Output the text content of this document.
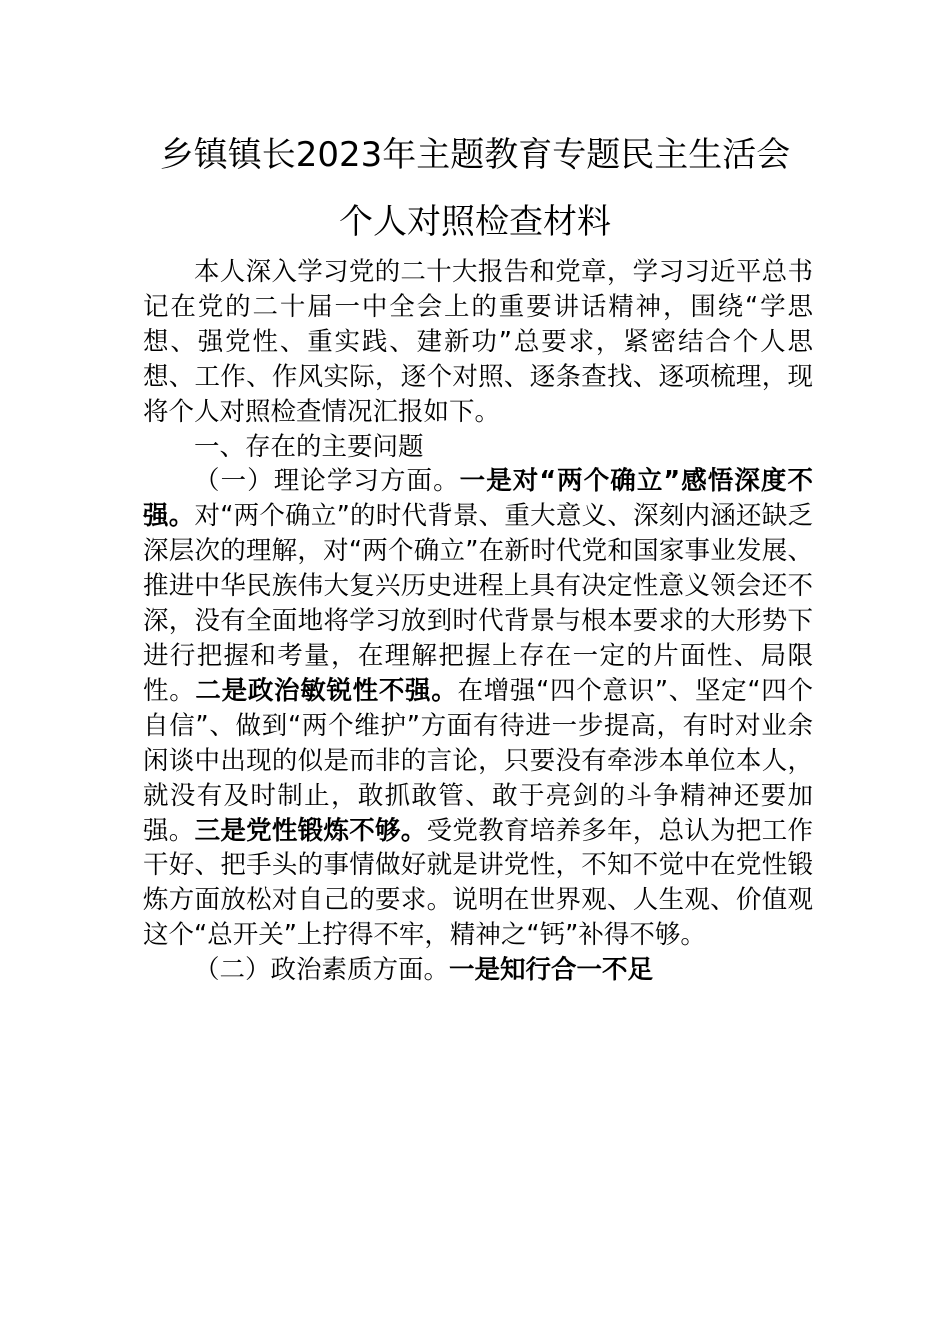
乡镇镇长2023年主题教育专题民主生活会
个人对照检查材料

本人深入学习党的二十大报告和党章，学习习近平总书记在党的二十届一中全会上的重要讲话精神，围绕“学思想、强党性、重实践、建新功”总要求，紧密结合个人思想、工作、作风实际，逐个对照、逐条查找、逐项梳理，现将个人对照检查情况汇报如下。

一、存在的主要问题

（一）理论学习方面。一是对“两个确立”感悟深度不强。对“两个确立”的时代背景、重大意义、深刻内涵还缺乏深层次的理解，对“两个确立”在新时代党和国家事业发展、推进中华民族伟大复兴历史进程上具有决定性意义领会还不深，没有全面地将学习放到时代背景与根本要求的大形势下进行把握和考量，在理解把握上存在一定的片面性、局限性。二是政治敏锐性不强。在增强“四个意识”、坚定“四个自信”、做到“两个维护”方面有待进一步提高，有时对业余闲谈中出现的似是而非的言论，只要没有牵涉本单位本人，就没有及时制止，敢抓敢管、敢于亮剑的斗争精神还要加强。三是党性锻炼不够。受党教育培养多年，总认为把工作干好、把手头的事情做好就是讲党性，不知不觉中在党性锻炼方面放松对自己的要求。说明在世界观、人生观、价值观这个“总开关”上拧得不牢，精神之“钙”补得不够。

（二）政治素质方面。一是知行合一不足
